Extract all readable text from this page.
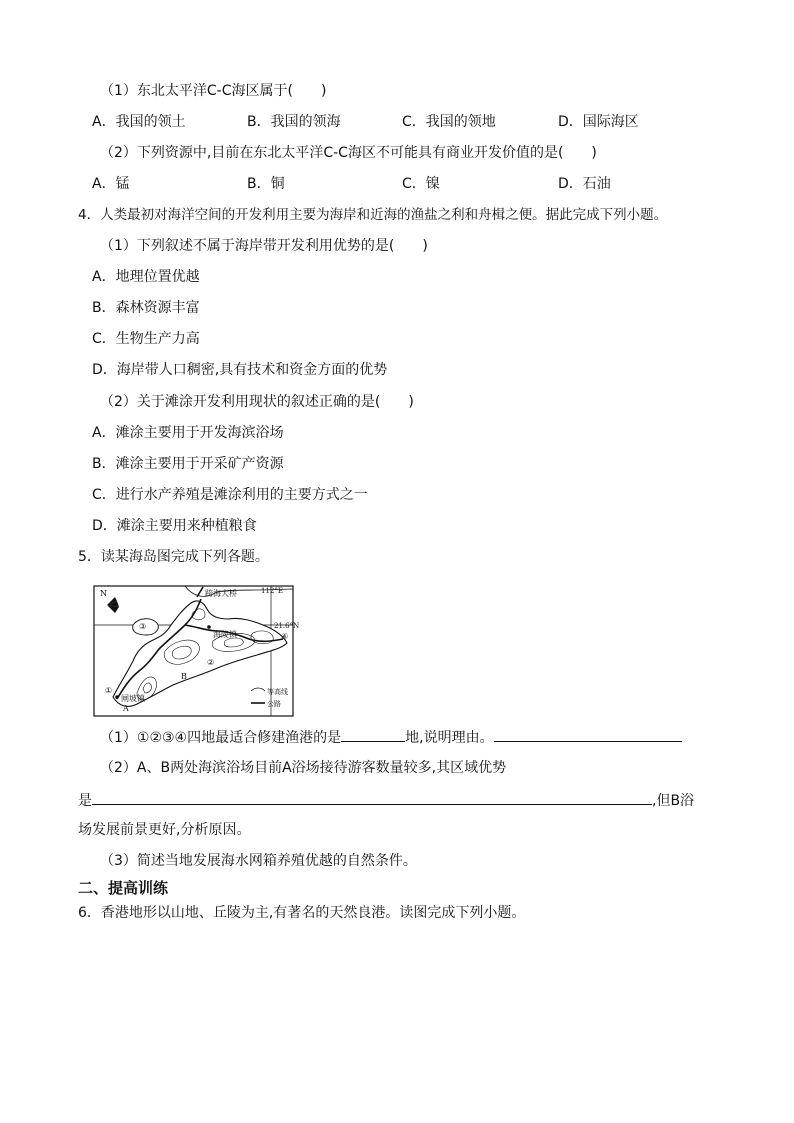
（1）东北太平洋C-C海区属于(　　)
A．我国的领土	B．我国的领海	C．我国的领地	D．国际海区
（2）下列资源中,目前在东北太平洋C-C海区不可能具有商业开发价值的是(　　)
A．锰	B．铜	C．镍	D．石油
4．人类最初对海洋空间的开发利用主要为海岸和近海的渔盐之利和舟楫之便。据此完成下列小题。
（1）下列叙述不属于海岸带开发利用优势的是(　　)
A．地理位置优越
B．森林资源丰富
C．生物生产力高
D．海岸带人口稠密,具有技术和资金方面的优势
（2）关于滩涂开发利用现状的叙述正确的是(　　)
A．滩涂主要用于开发海滨浴场
B．滩涂主要用于开采矿产资源
C．进行水产养殖是滩涂利用的主要方式之一
D．滩涂主要用来种植粮食
5．读某海岛图完成下列各题。
N	112°E
21.6°N
跨海大桥
海陵镇
闸坡镇
A
B
③
②
④
①	等高线
公路
（1）①②③④四地最适合修建渔港的是	地,说明理由。
（2）A、B两处海滨浴场目前A浴场接待游客数量较多,其区域优势
是	,但B浴
场发展前景更好,分析原因。
（3）简述当地发展海水网箱养殖优越的自然条件。
二、提高训练
6．香港地形以山地、丘陵为主,有著名的天然良港。读图完成下列小题。
